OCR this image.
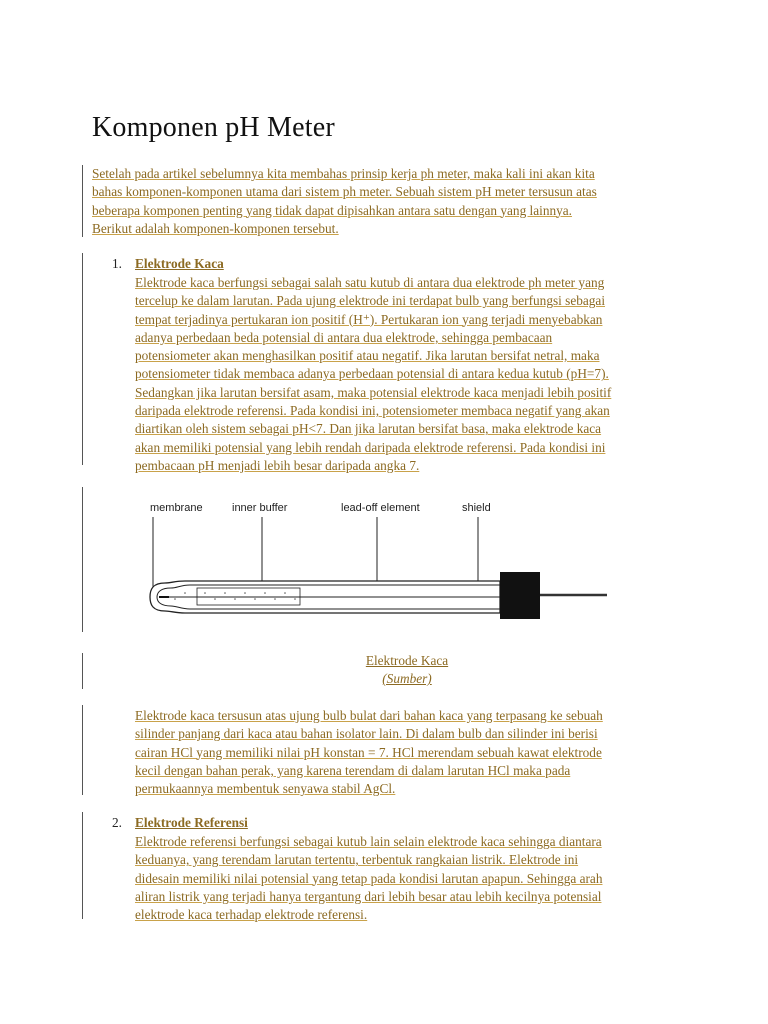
Komponen pH Meter
Setelah pada artikel sebelumnya kita membahas prinsip kerja ph meter, maka kali ini akan kita
bahas komponen-komponen utama dari sistem ph meter. Sebuah sistem pH meter tersusun atas
beberapa komponen penting yang tidak dapat dipisahkan antara satu dengan yang lainnya.
Berikut adalah komponen-komponen tersebut.
1. Elektrode Kaca
Elektrode kaca berfungsi sebagai salah satu kutub di antara dua elektrode ph meter yang
tercelup ke dalam larutan. Pada ujung elektrode ini terdapat bulb yang berfungsi sebagai
tempat terjadinya pertukaran ion positif (H⁺). Pertukaran ion yang terjadi menyebabkan
adanya perbedaan beda potensial di antara dua elektrode, sehingga pembacaan
potensiometer akan menghasilkan positif atau negatif. Jika larutan bersifat netral, maka
potensiometer tidak membaca adanya perbedaan potensial di antara kedua kutub (pH=7).
Sedangkan jika larutan bersifat asam, maka potensial elektrode kaca menjadi lebih positif
daripada elektrode referensi. Pada kondisi ini, potensiometer membaca negatif yang akan
diartikan oleh sistem sebagai pH<7. Dan jika larutan bersifat basa, maka elektrode kaca
akan memiliki potensial yang lebih rendah daripada elektrode referensi. Pada kondisi ini
pembacaan pH menjadi lebih besar daripada angka 7.
membrane	inner buffer	lead-off element	shield
Elektrode Kaca
(Sumber)
Elektrode kaca tersusun atas ujung bulb bulat dari bahan kaca yang terpasang ke sebuah
silinder panjang dari kaca atau bahan isolator lain. Di dalam bulb dan silinder ini berisi
cairan HCl yang memiliki nilai pH konstan = 7. HCl merendam sebuah kawat elektrode
kecil dengan bahan perak, yang karena terendam di dalam larutan HCl maka pada
permukaannya membentuk senyawa stabil AgCl.
2. Elektrode Referensi
Elektrode referensi berfungsi sebagai kutub lain selain elektrode kaca sehingga diantara
keduanya, yang terendam larutan tertentu, terbentuk rangkaian listrik. Elektrode ini
didesain memiliki nilai potensial yang tetap pada kondisi larutan apapun. Sehingga arah
aliran listrik yang terjadi hanya tergantung dari lebih besar atau lebih kecilnya potensial
elektrode kaca terhadap elektrode referensi.
